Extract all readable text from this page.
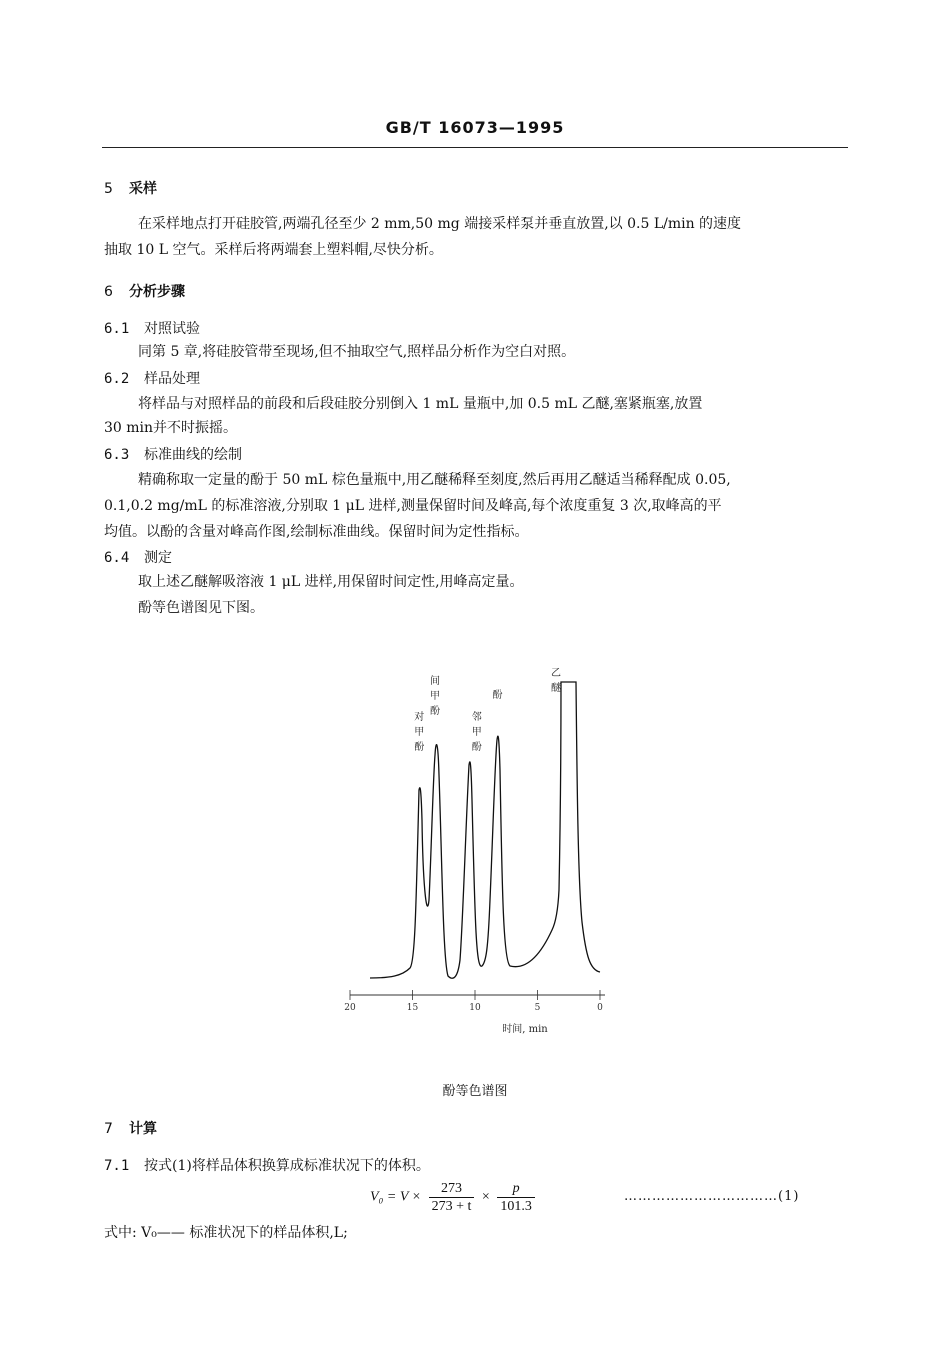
GB/T 16073—1995
5 采样
在采样地点打开硅胶管,两端孔径至少 2 mm,50 mg 端接采样泵并垂直放置,以 0.5 L/min 的速度
抽取 10 L 空气。采样后将两端套上塑料帽,尽快分析。
6 分析步骤
6.1 对照试验
同第 5 章,将硅胶管带至现场,但不抽取空气,照样品分析作为空白对照。
6.2 样品处理
将样品与对照样品的前段和后段硅胶分别倒入 1 mL 量瓶中,加 0.5 mL 乙醚,塞紧瓶塞,放置
30 min并不时振摇。
6.3 标准曲线的绘制
精确称取一定量的酚于 50 mL 棕色量瓶中,用乙醚稀释至刻度,然后再用乙醚适当稀释配成 0.05,
0.1,0.2 mg/mL 的标准溶液,分别取 1 μL 进样,测量保留时间及峰高,每个浓度重复 3 次,取峰高的平
均值。以酚的含量对峰高作图,绘制标准曲线。保留时间为定性指标。
6.4 测定
取上述乙醚解吸溶液 1 μL 进样,用保留时间定性,用峰高定量。
酚等色谱图见下图。
对甲酚
间甲酚
邻甲酚
酚
乙醚
20	15	10	5	0
时间, min
酚等色谱图
7 计算
7.1 按式(1)将样品体积换算成标准状况下的体积。
$V_0 = V \times \frac{273}{273 + t} \times \frac{p}{101.3}$	……………………………(1)
式中: V₀—— 标准状况下的样品体积,L;
